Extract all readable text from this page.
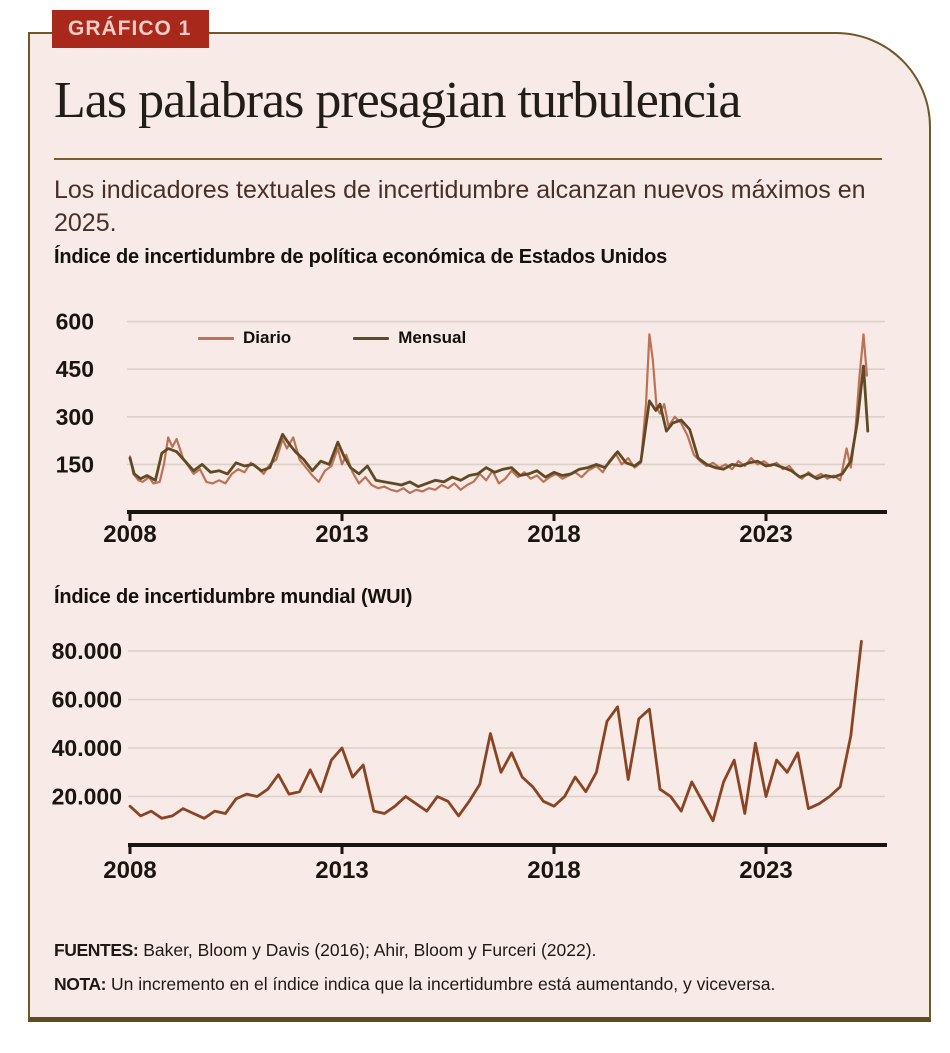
GRÁFICO 1
Las palabras presagian turbulencia

Los indicadores textuales de incertidumbre alcanzan nuevos máximos en 2025.

Índice de incertidumbre de política económica de Estados Unidos
Diario	Mensual
150
300
450
600
2008	2013	2018	2023
Índice de incertidumbre mundial (WUI)
20.000
40.000
60.000
80.000
2008	2013	2018	2023

FUENTES: Baker, Bloom y Davis (2016); Ahir, Bloom y Furceri (2022).

NOTA: Un incremento en el índice indica que la incertidumbre está aumentando, y viceversa.
